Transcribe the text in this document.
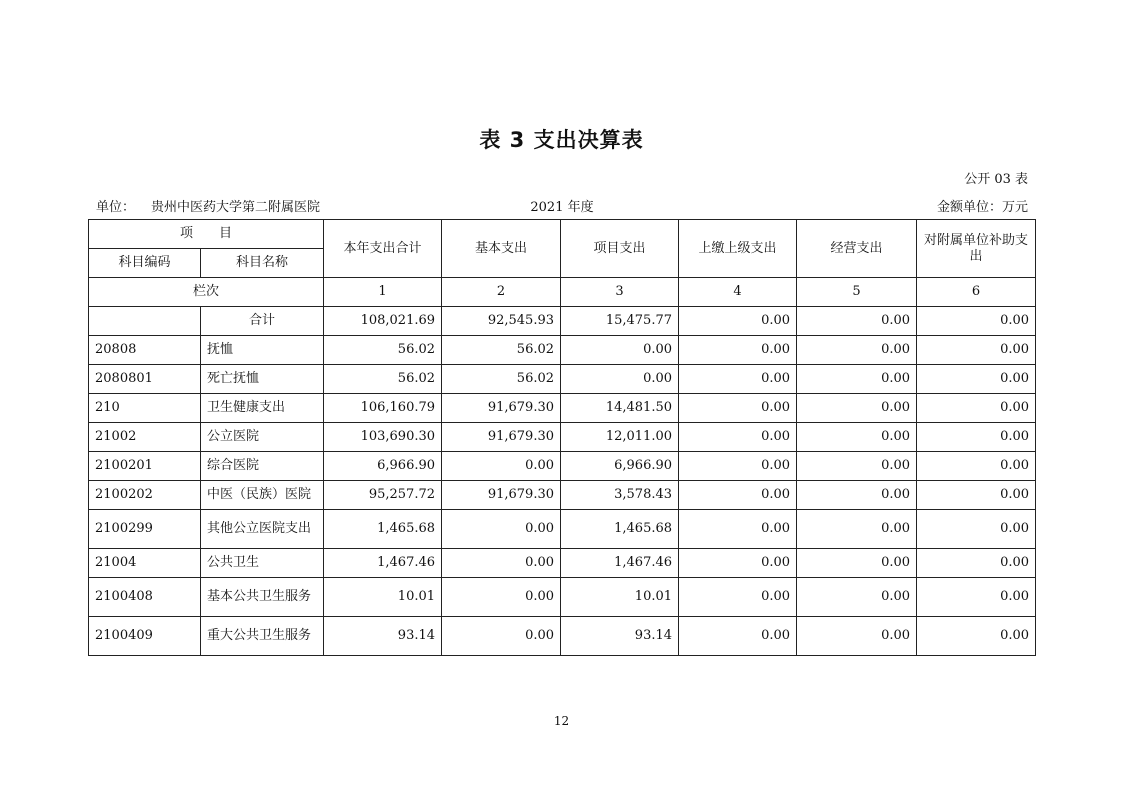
表 3 支出决算表
公开 03 表
单位： 贵州中医药大学第二附属医院	2021 年度	金额单位：万元
项　　目		本年支出合计	基本支出	项目支出	上缴上级支出	经营支出	对附属单位补助支出
科目编码	科目名称						
栏次		1	2	3	4	5	6
	合计	108,021.69	92,545.93	15,475.77	0.00	0.00	0.00
20808	抚恤	56.02	56.02	0.00	0.00	0.00	0.00
2080801	死亡抚恤	56.02	56.02	0.00	0.00	0.00	0.00
210	卫生健康支出	106,160.79	91,679.30	14,481.50	0.00	0.00	0.00
21002	公立医院	103,690.30	91,679.30	12,011.00	0.00	0.00	0.00
2100201	综合医院	6,966.90	0.00	6,966.90	0.00	0.00	0.00
2100202	中医（民族）医院	95,257.72	91,679.30	3,578.43	0.00	0.00	0.00
2100299	其他公立医院支出	1,465.68	0.00	1,465.68	0.00	0.00	0.00
21004	公共卫生	1,467.46	0.00	1,467.46	0.00	0.00	0.00
2100408	基本公共卫生服务	10.01	0.00	10.01	0.00	0.00	0.00
2100409	重大公共卫生服务	93.14	0.00	93.14	0.00	0.00	0.00
12
